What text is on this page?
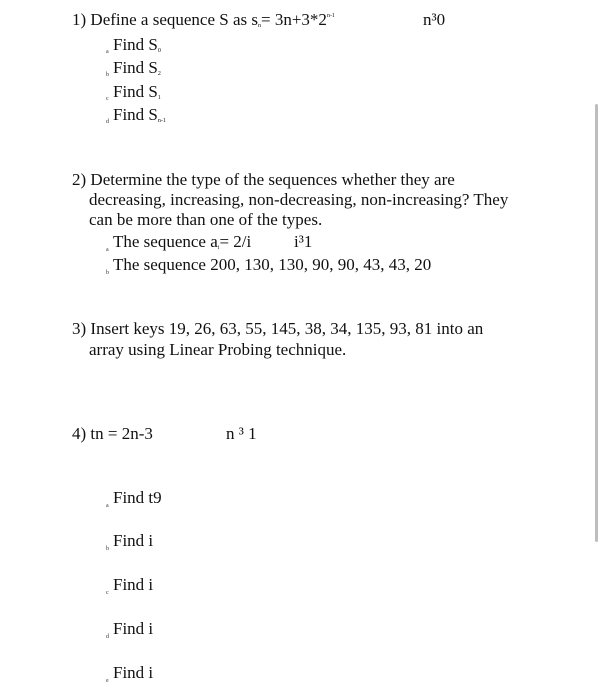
1) Define a sequence S as $s_n= 3n+3*2^{n-1}$	n³0
a Find $S_0$
b Find $S_2$
c Find $S_1$
d Find $S_{n-1}$
2) Determine the type of the sequences whether they are
decreasing, increasing, non-decreasing, non-increasing? They
can be more than one of the types.
a The sequence $a_i= 2/i$	i³1
b The sequence 200, 130, 130, 90, 90, 43, 43, 20
3) Insert keys 19, 26, 63, 55, 145, 38, 34, 135, 93, 81 into an
array using Linear Probing technique.
4) tn = 2n-3	n ³ 1
a Find t9
b Find i
c Find i
d Find i
e Find i
